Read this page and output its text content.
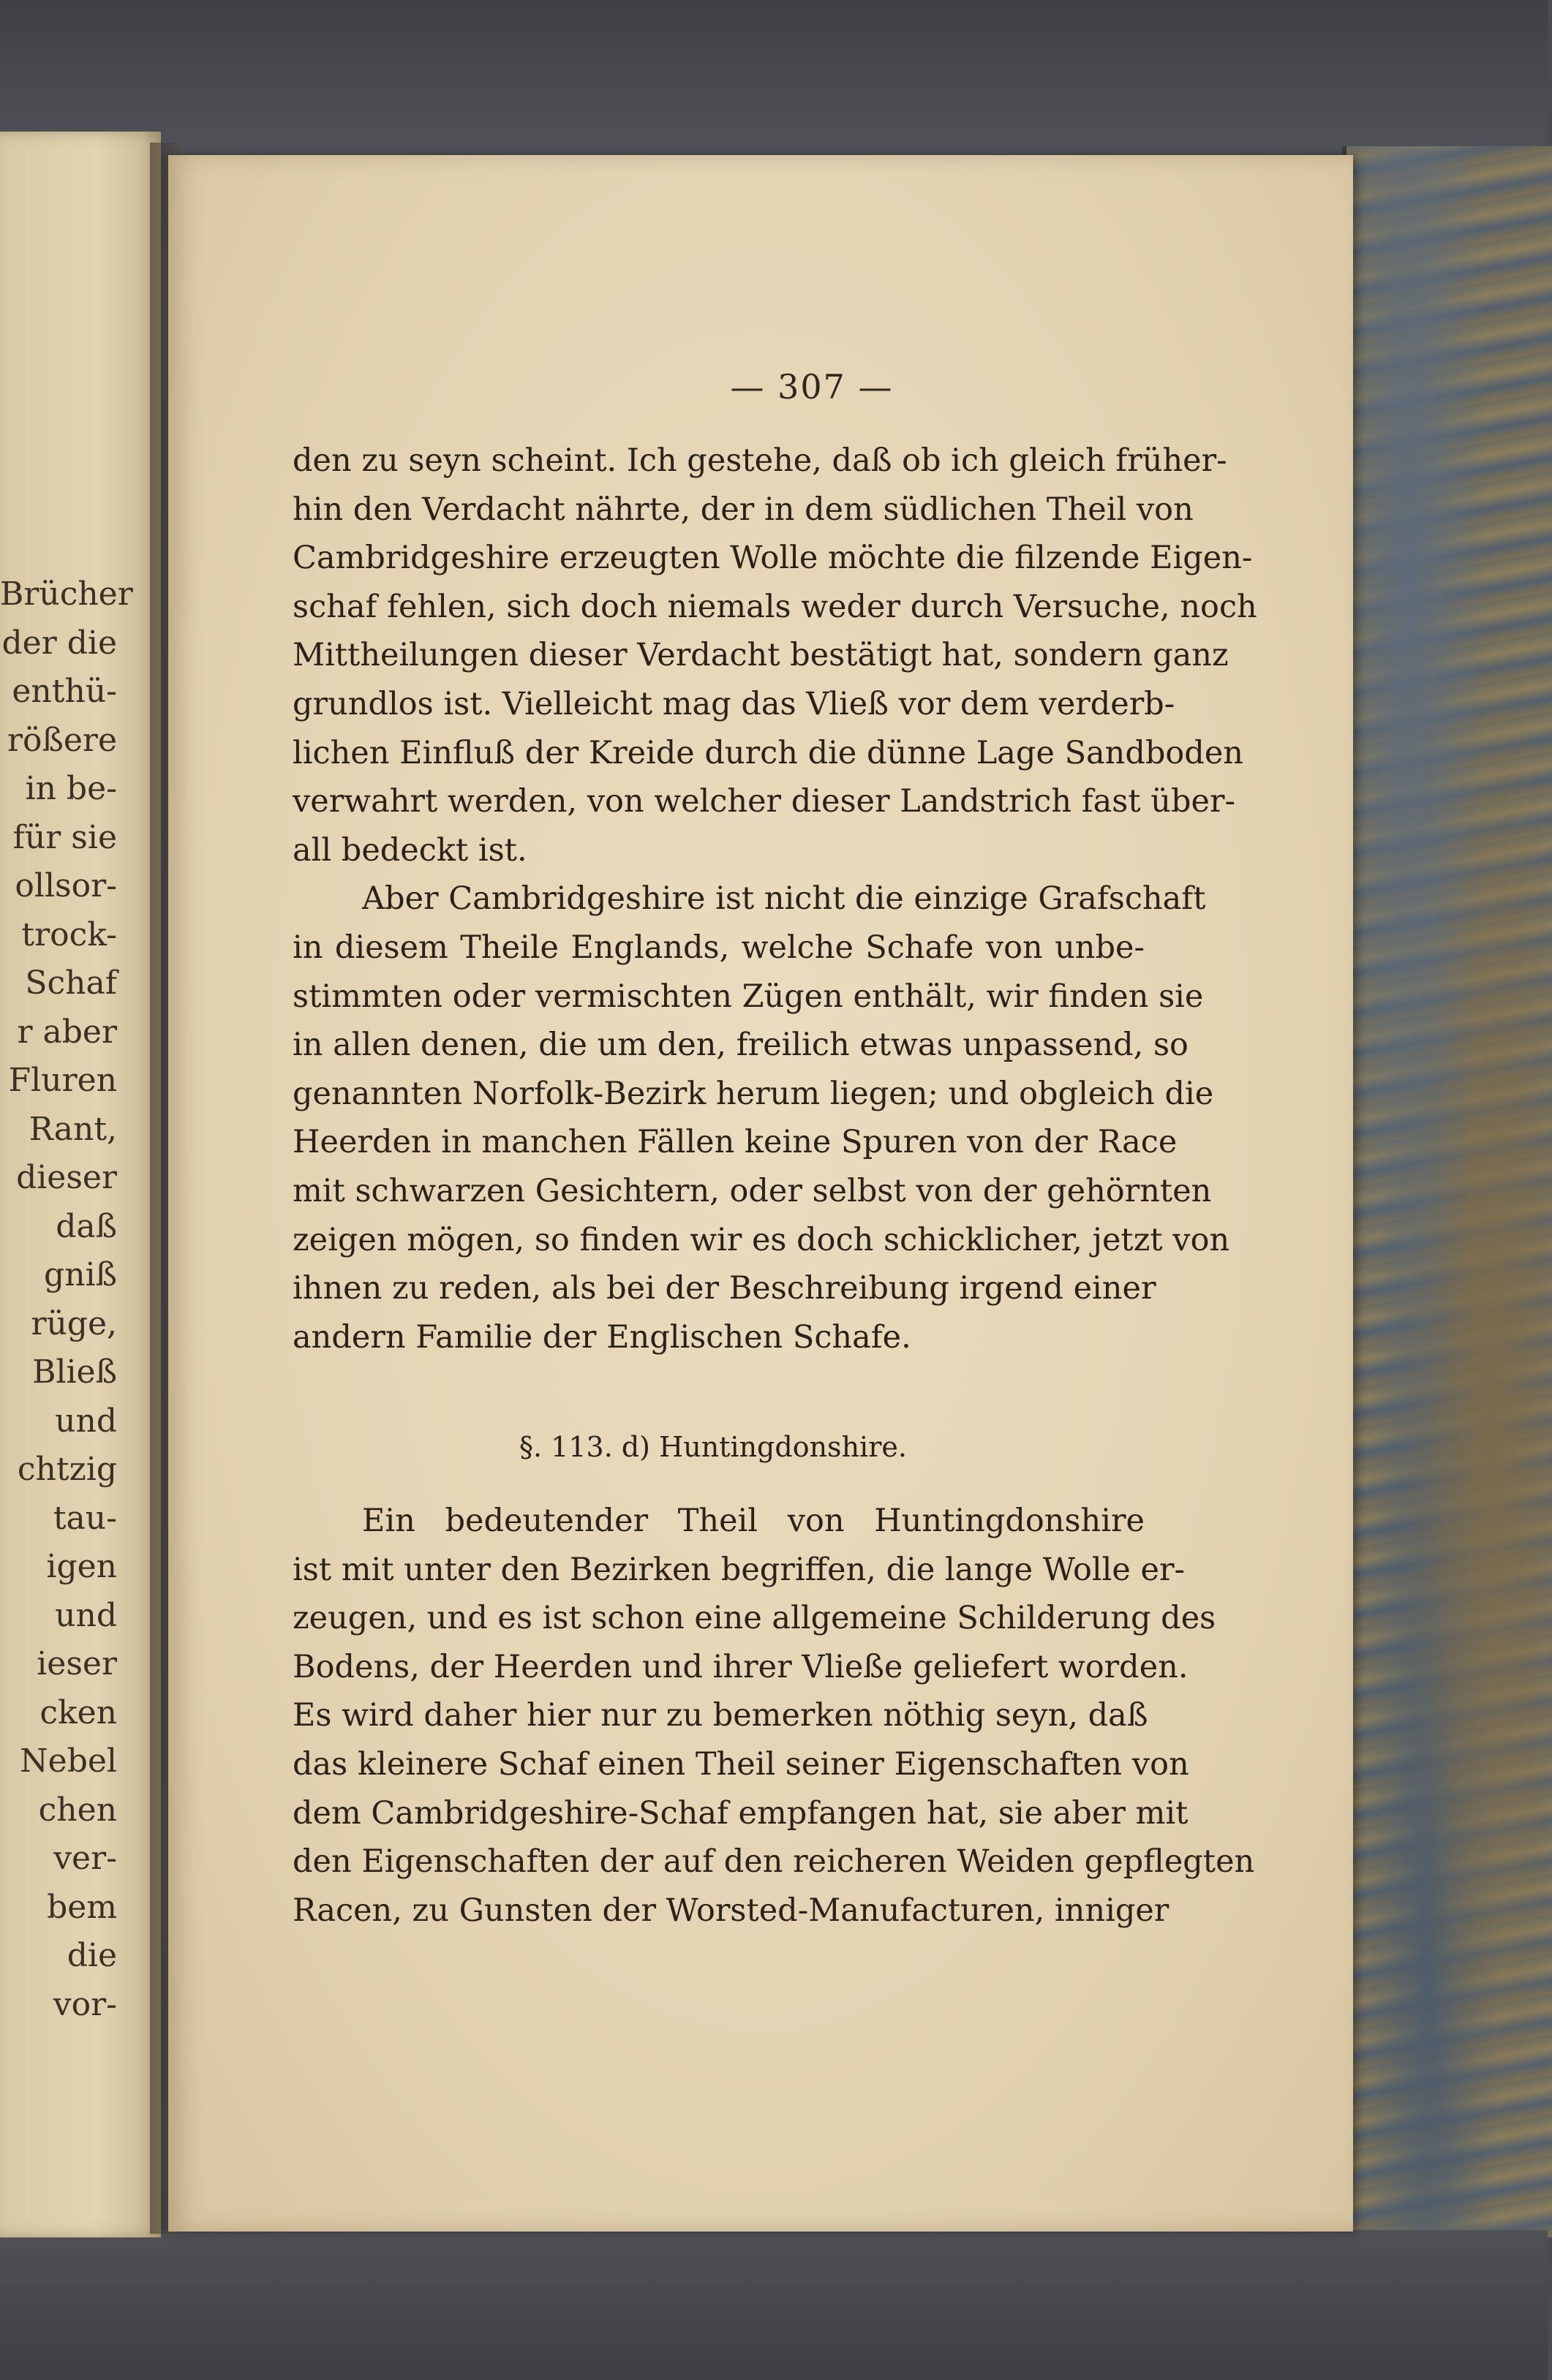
Brücher
der die
enthü-
rößere
in be-
für sie
ollsor-
trock-
Schaf
r aber
Fluren
Rant,
dieser
daß
gniß
rüge,
Bließ
und
chtzig
tau-
igen
und
ieser
cken
Nebel
chen
ver-
bem
die
vor-
— 307 —
den zu seyn scheint. Ich gestehe, daß ob ich gleich früher-
hin den Verdacht nährte, der in dem südlichen Theil von
Cambridgeshire erzeugten Wolle möchte die filzende Eigen-
schaf fehlen, sich doch niemals weder durch Versuche, noch
Mittheilungen dieser Verdacht bestätigt hat, sondern ganz
grundlos ist. Vielleicht mag das Vließ vor dem verderb-
lichen Einfluß der Kreide durch die dünne Lage Sandboden
verwahrt werden, von welcher dieser Landstrich fast über-
all bedeckt ist.
Aber Cambridgeshire ist nicht die einzige Grafschaft
in diesem Theile Englands, welche Schafe von unbe-
stimmten oder vermischten Zügen enthält, wir finden sie
in allen denen, die um den, freilich etwas unpassend, so
genannten Norfolk-Bezirk herum liegen; und obgleich die
Heerden in manchen Fällen keine Spuren von der Race
mit schwarzen Gesichtern, oder selbst von der gehörnten
zeigen mögen, so finden wir es doch schicklicher, jetzt von
ihnen zu reden, als bei der Beschreibung irgend einer
andern Familie der Englischen Schafe.
§. 113. d) Huntingdonshire.
Ein bedeutender Theil von Huntingdonshire
ist mit unter den Bezirken begriffen, die lange Wolle er-
zeugen, und es ist schon eine allgemeine Schilderung des
Bodens, der Heerden und ihrer Vließe geliefert worden.
Es wird daher hier nur zu bemerken nöthig seyn, daß
das kleinere Schaf einen Theil seiner Eigenschaften von
dem Cambridgeshire-Schaf empfangen hat, sie aber mit
den Eigenschaften der auf den reicheren Weiden gepflegten
Racen, zu Gunsten der Worsted-Manufacturen, inniger
